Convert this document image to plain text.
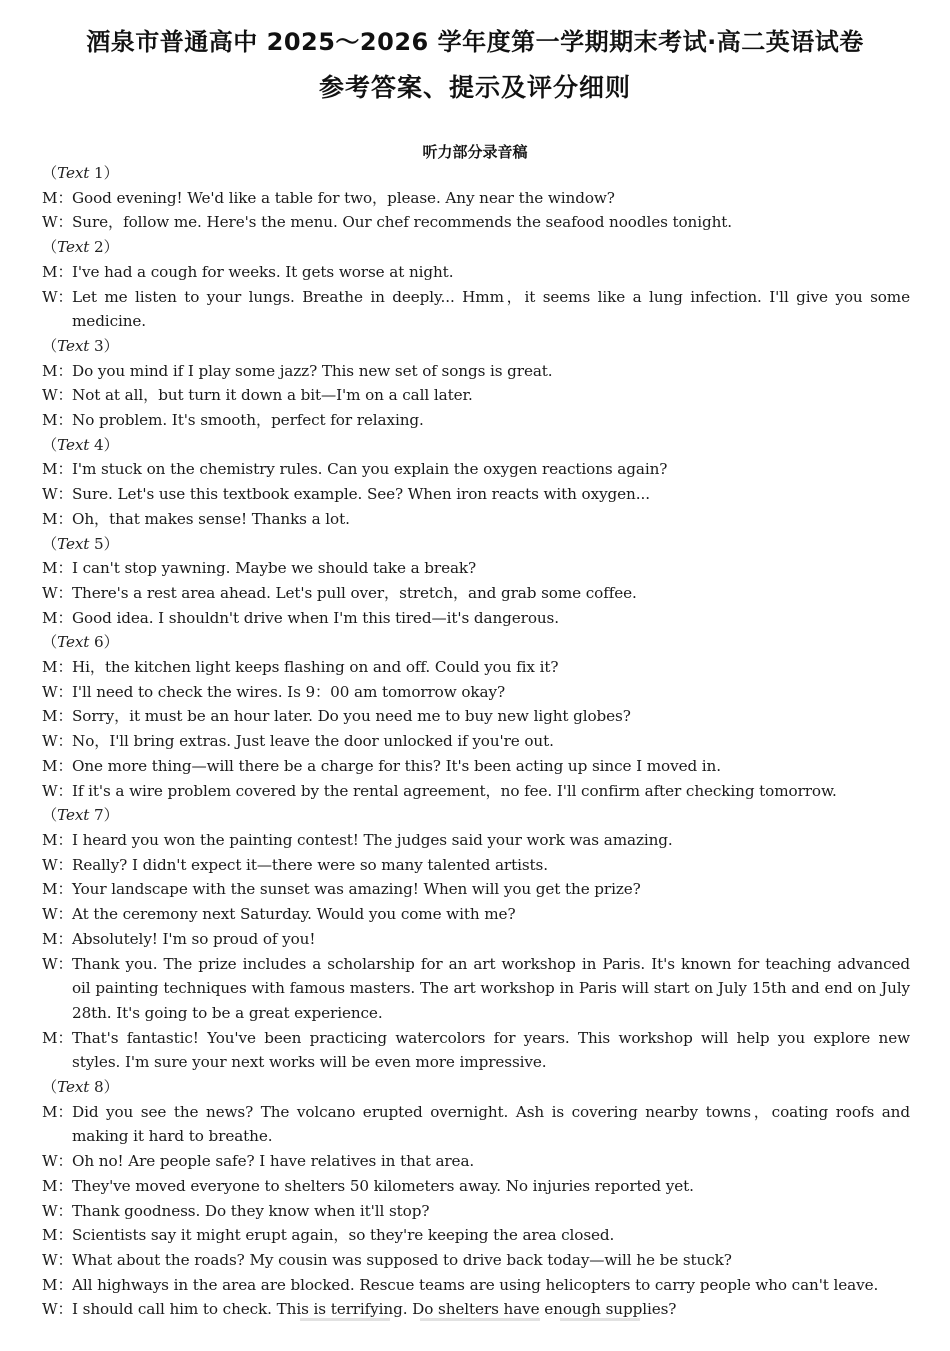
酒泉市普通高中 2025～2026 学年度第一学期期末考试·高二英语试卷
参考答案、提示及评分细则
听力部分录音稿
（Text 1）
M： Good evening! We'd like a table for two，please. Any near the window?
W： Sure，follow me. Here's the menu. Our chef recommends the seafood noodles tonight.
（Text 2）
M： I've had a cough for weeks. It gets worse at night.
W： Let me listen to your lungs. Breathe in deeply... Hmm，it seems like a lung infection. I'll give you some medicine.
（Text 3）
M： Do you mind if I play some jazz? This new set of songs is great.
W： Not at all，but turn it down a bit—I'm on a call later.
M： No problem. It's smooth，perfect for relaxing.
（Text 4）
M： I'm stuck on the chemistry rules. Can you explain the oxygen reactions again?
W： Sure. Let's use this textbook example. See? When iron reacts with oxygen...
M： Oh，that makes sense! Thanks a lot.
（Text 5）
M： I can't stop yawning. Maybe we should take a break?
W： There's a rest area ahead. Let's pull over，stretch，and grab some coffee.
M： Good idea. I shouldn't drive when I'm this tired—it's dangerous.
（Text 6）
M： Hi，the kitchen light keeps flashing on and off. Could you fix it?
W： I'll need to check the wires. Is 9：00 am tomorrow okay?
M： Sorry，it must be an hour later. Do you need me to buy new light globes?
W： No，I'll bring extras. Just leave the door unlocked if you're out.
M： One more thing—will there be a charge for this? It's been acting up since I moved in.
W： If it's a wire problem covered by the rental agreement，no fee. I'll confirm after checking tomorrow.
（Text 7）
M： I heard you won the painting contest! The judges said your work was amazing.
W： Really? I didn't expect it—there were so many talented artists.
M： Your landscape with the sunset was amazing! When will you get the prize?
W： At the ceremony next Saturday. Would you come with me?
M： Absolutely! I'm so proud of you!
W： Thank you. The prize includes a scholarship for an art workshop in Paris. It's known for teaching advanced oil painting techniques with famous masters. The art workshop in Paris will start on July 15th and end on July 28th. It's going to be a great experience.
M： That's fantastic! You've been practicing watercolors for years. This workshop will help you explore new styles. I'm sure your next works will be even more impressive.
（Text 8）
M： Did you see the news? The volcano erupted overnight. Ash is covering nearby towns，coating roofs and making it hard to breathe.
W： Oh no! Are people safe? I have relatives in that area.
M： They've moved everyone to shelters 50 kilometers away. No injuries reported yet.
W： Thank goodness. Do they know when it'll stop?
M： Scientists say it might erupt again，so they're keeping the area closed.
W： What about the roads? My cousin was supposed to drive back today—will he be stuck?
M： All highways in the area are blocked. Rescue teams are using helicopters to carry people who can't leave.
W： I should call him to check. This is terrifying. Do shelters have enough supplies?
